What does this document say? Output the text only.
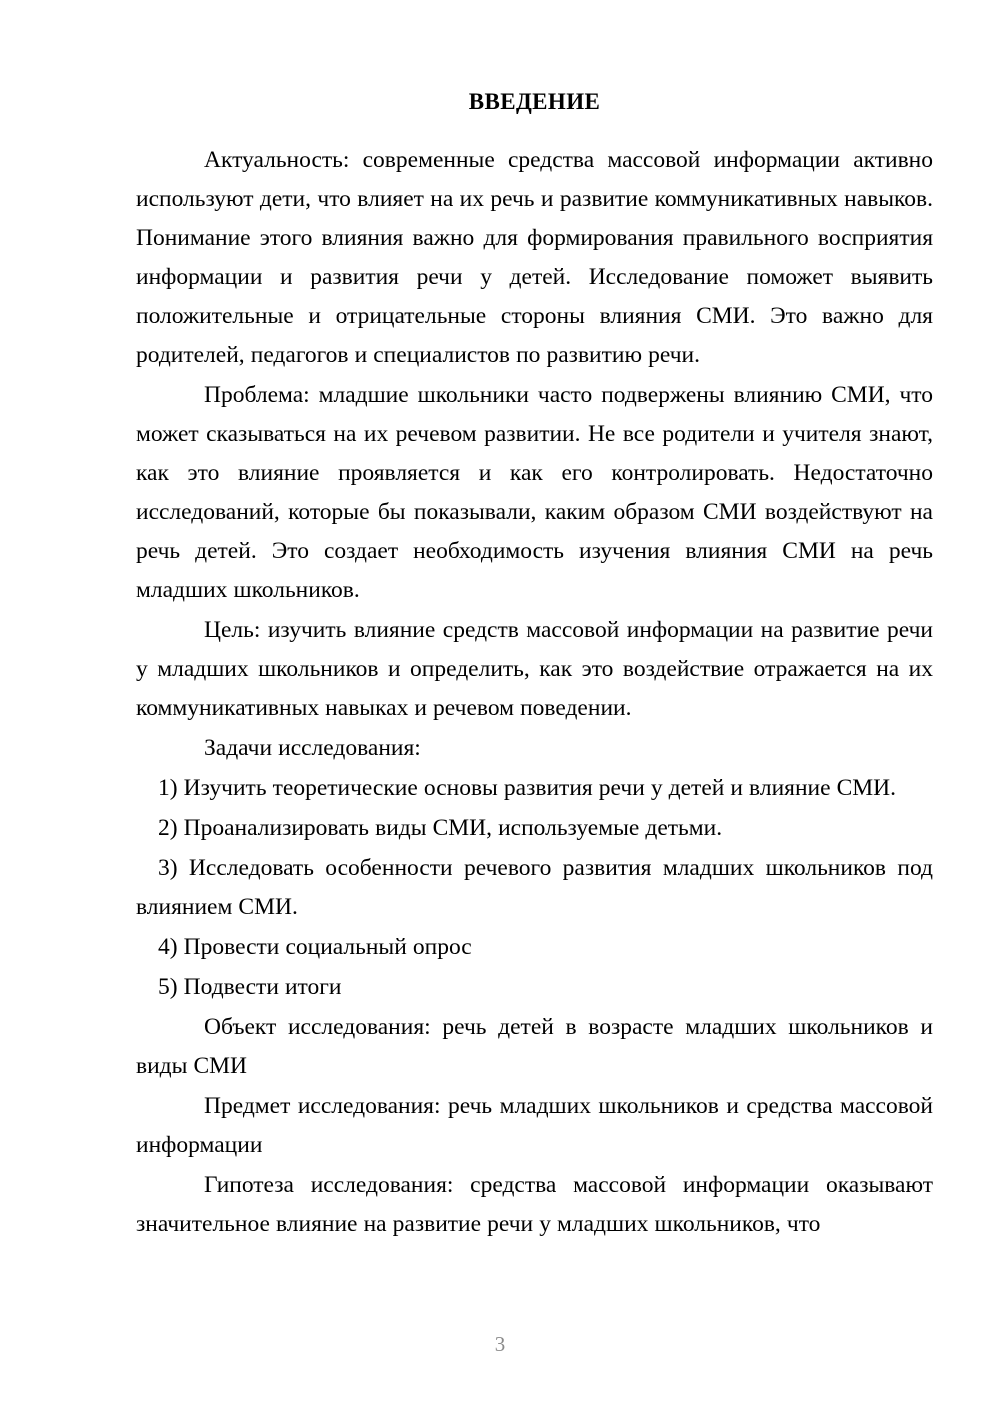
ВВЕДЕНИЕ

Актуальность: современные средства массовой информации активно используют дети, что влияет на их речь и развитие коммуникативных навыков. Понимание этого влияния важно для формирования правильного восприятия информации и развития речи у детей. Исследование поможет выявить положительные и отрицательные стороны влияния СМИ. Это важно для родителей, педагогов и специалистов по развитию речи.

Проблема: младшие школьники часто подвержены влиянию СМИ, что может сказываться на их речевом развитии. Не все родители и учителя знают, как это влияние проявляется и как его контролировать. Недостаточно исследований, которые бы показывали, каким образом СМИ воздействуют на речь детей. Это создает необходимость изучения влияния СМИ на речь младших школьников.

Цель: изучить влияние средств массовой информации на развитие речи у младших школьников и определить, как это воздействие отражается на их коммуникативных навыках и речевом поведении.

Задачи исследования:

1) Изучить теоретические основы развития речи у детей и влияние СМИ.

2) Проанализировать виды СМИ, используемые детьми.

3) Исследовать особенности речевого развития младших школьников под влиянием СМИ.

4) Провести социальный опрос

5) Подвести итоги

Объект исследования: речь детей в возрасте младших школьников и виды СМИ

Предмет исследования: речь младших школьников и средства массовой информации

Гипотеза исследования: средства массовой информации оказывают значительное влияние на развитие речи у младших школьников, что

3
